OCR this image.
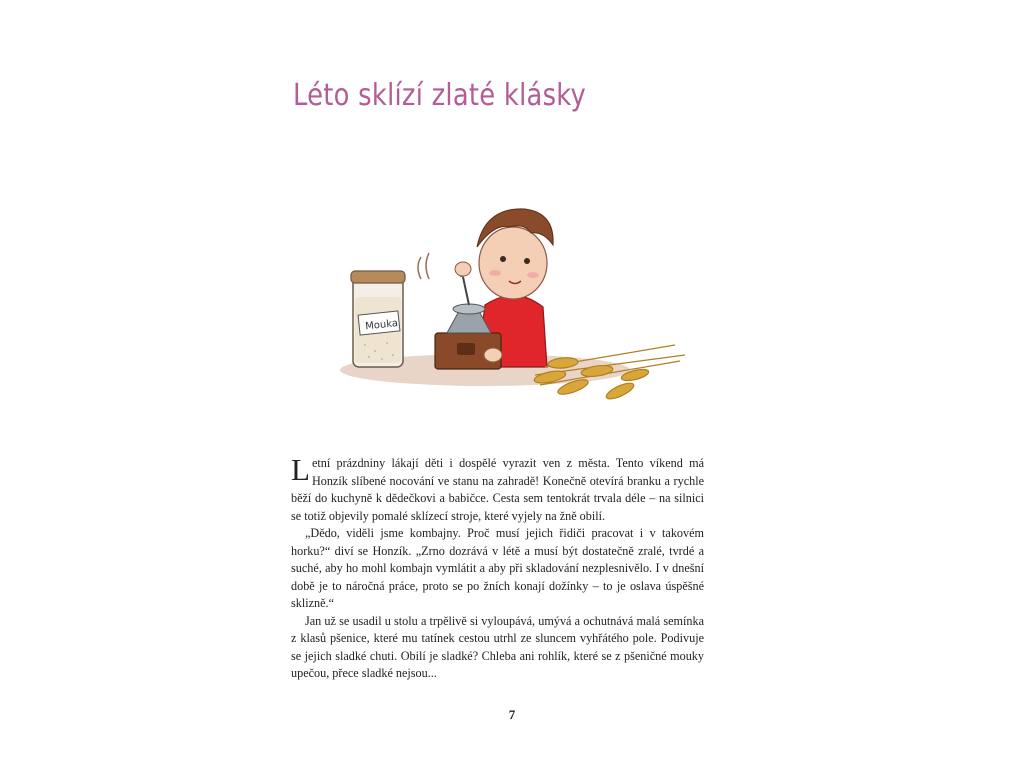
Léto sklízí zlaté klásky
Mouka

Letní prázdniny lákají děti i dospělé vyrazit ven z města. Tento víkend má Honzík slíbené nocování ve stanu na zahradě! Konečně otevírá branku a rychle běží do kuchyně k dědečkovi a babičce. Cesta sem tentokrát trvala déle – na silnici se totiž objevily pomalé sklízecí stroje, které vyjely na žně obilí.

„Dědo, viděli jsme kombajny. Proč musí jejich řidiči pracovat i v takovém horku?“ diví se Honzík. „Zrno dozrává v létě a musí být dostatečně zralé, tvrdé a suché, aby ho mohl kombajn vymlátit a aby při skladování nezplesnivělo. I v dnešní době je to náročná práce, proto se po žních konají dožínky – to je oslava úspěšné sklizně.“

Jan už se usadil u stolu a trpělivě si vyloupává, umývá a ochutnává malá semínka z klasů pšenice, které mu tatínek cestou utrhl ze sluncem vyhřátého pole. Podivuje se jejich sladké chuti. Obilí je sladké? Chleba ani rohlík, které se z pšeničné mouky upečou, přece sladké nejsou...

7
